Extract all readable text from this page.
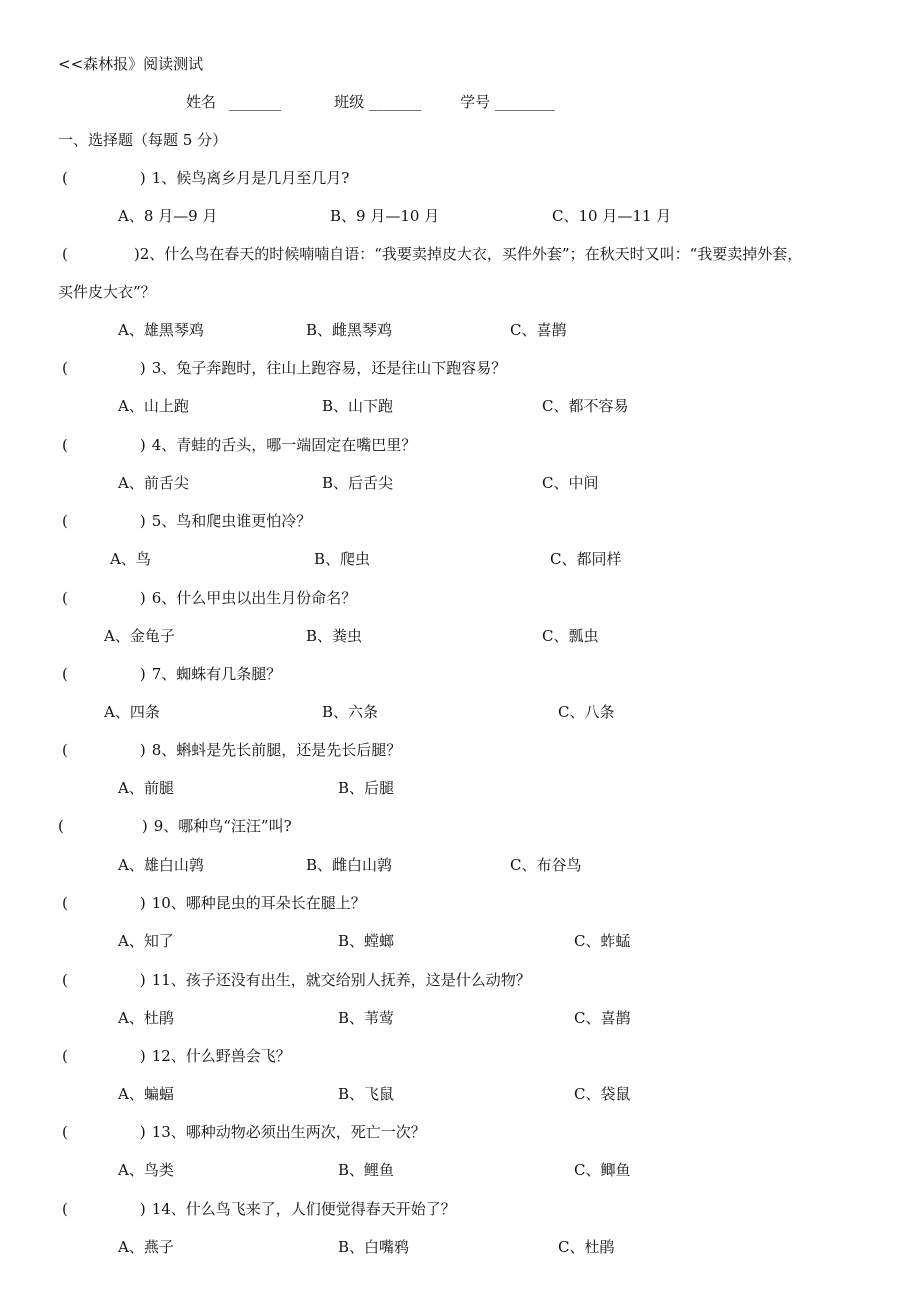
<<森林报》阅读测试
姓名 _______	班级 _______	学号 ________
一、选择题（每题 5 分）
(	) 1、候鸟离乡月是几月至几月?
A、8 月—9 月	B、9 月—10 月	C、10 月—11 月
(	)2、什么鸟在春天的时候喃喃自语：“我要卖掉皮大衣，买件外套”；在秋天时又叫：“我要卖掉外套，
买件皮大衣”？
A、雄黑琴鸡	B、雌黑琴鸡	C、喜鹊
(	) 3、兔子奔跑时，往山上跑容易，还是往山下跑容易？
A、山上跑	B、山下跑	C、都不容易
(	) 4、青蛙的舌头，哪一端固定在嘴巴里？
A、前舌尖	B、后舌尖	C、中间
(	) 5、鸟和爬虫谁更怕冷？
A、鸟	B、爬虫	C、都同样
(	) 6、什么甲虫以出生月份命名？
A、金龟子	B、粪虫	C、瓢虫
(	) 7、蜘蛛有几条腿？
A、四条	B、六条	C、八条
(	) 8、蝌蚪是先长前腿，还是先长后腿？
A、前腿	B、后腿
(	) 9、哪种鸟“汪汪”叫?
A、雄白山鹑	B、雌白山鹑	C、布谷鸟
(	) 10、哪种昆虫的耳朵长在腿上？
A、知了	B、螳螂	C、蚱蜢
(	) 11、孩子还没有出生，就交给别人抚养，这是什么动物？
A、杜鹃	B、苇莺	C、喜鹊
(	) 12、什么野兽会飞？
A、蝙蝠	B、飞鼠	C、袋鼠
(	) 13、哪种动物必须出生两次，死亡一次？
A、鸟类	B、鲤鱼	C、鲫鱼
(	) 14、什么鸟飞来了，人们便觉得春天开始了？
A、燕子	B、白嘴鸦	C、杜鹃
